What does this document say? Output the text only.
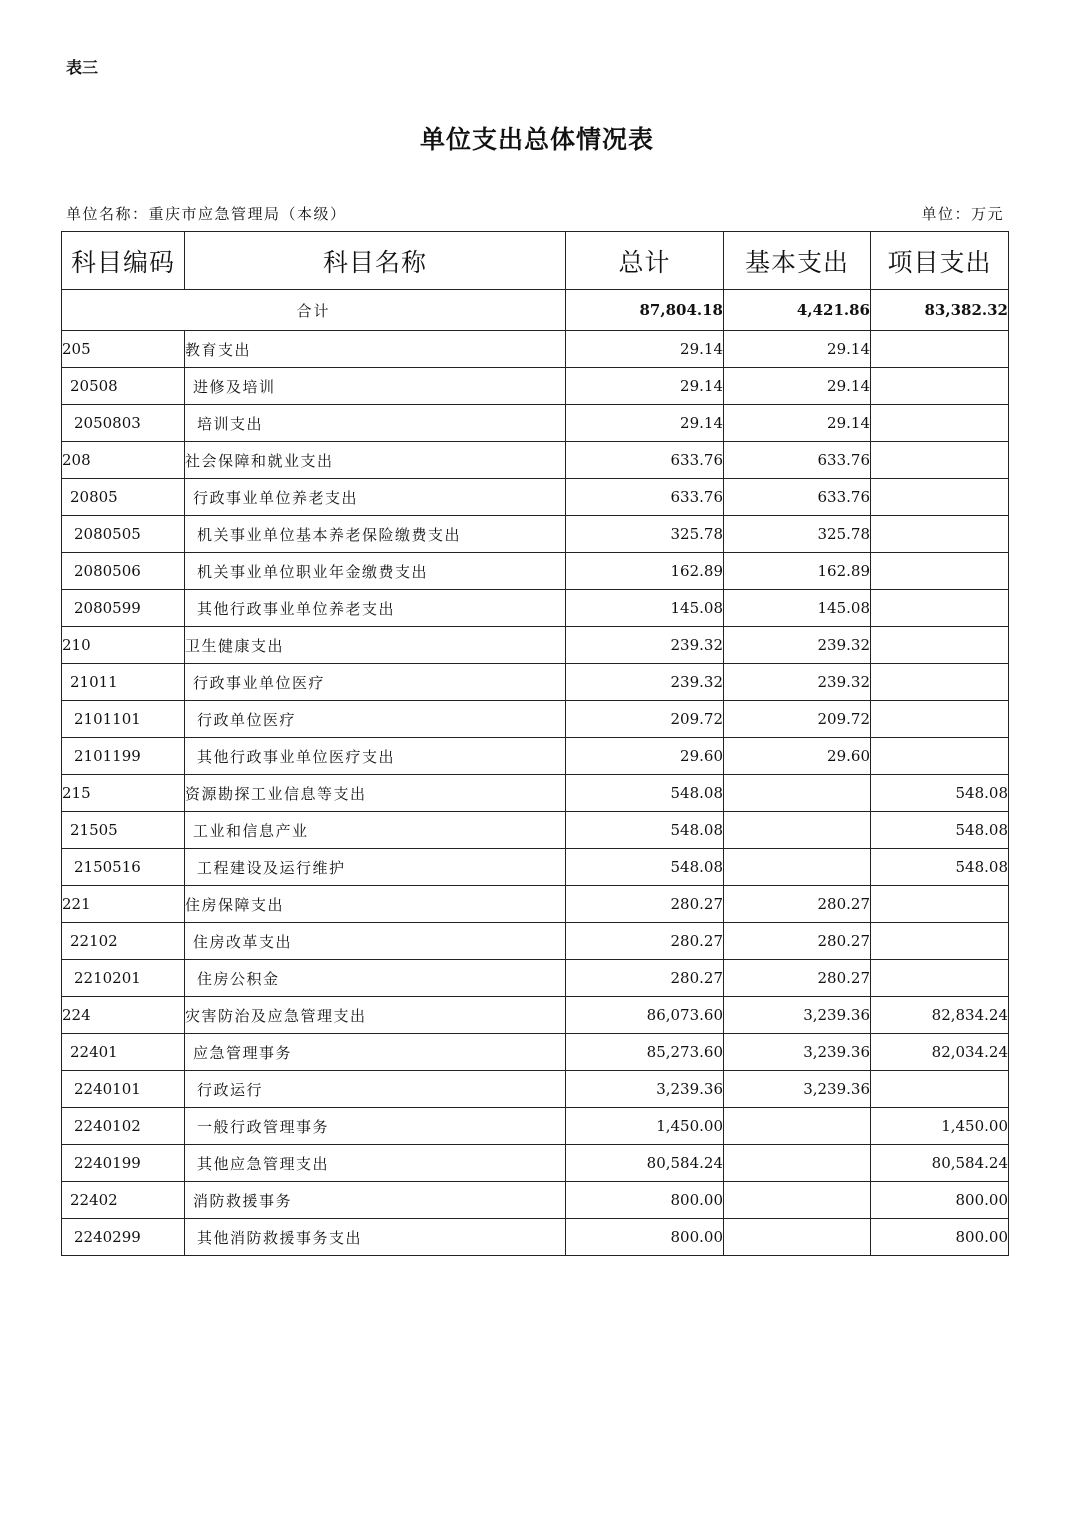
表三
单位支出总体情况表
单位名称：重庆市应急管理局（本级）	单位：万元
科目编码	科目名称	总计	基本支出	项目支出
合计		87,804.18	4,421.86	83,382.32
205	教育支出	29.14	29.14	
20508	进修及培训	29.14	29.14	
2050803	培训支出	29.14	29.14	
208	社会保障和就业支出	633.76	633.76	
20805	行政事业单位养老支出	633.76	633.76	
2080505	机关事业单位基本养老保险缴费支出	325.78	325.78	
2080506	机关事业单位职业年金缴费支出	162.89	162.89	
2080599	其他行政事业单位养老支出	145.08	145.08	
210	卫生健康支出	239.32	239.32	
21011	行政事业单位医疗	239.32	239.32	
2101101	行政单位医疗	209.72	209.72	
2101199	其他行政事业单位医疗支出	29.60	29.60	
215	资源勘探工业信息等支出	548.08		548.08
21505	工业和信息产业	548.08		548.08
2150516	工程建设及运行维护	548.08		548.08
221	住房保障支出	280.27	280.27	
22102	住房改革支出	280.27	280.27	
2210201	住房公积金	280.27	280.27	
224	灾害防治及应急管理支出	86,073.60	3,239.36	82,834.24
22401	应急管理事务	85,273.60	3,239.36	82,034.24
2240101	行政运行	3,239.36	3,239.36	
2240102	一般行政管理事务	1,450.00		1,450.00
2240199	其他应急管理支出	80,584.24		80,584.24
22402	消防救援事务	800.00		800.00
2240299	其他消防救援事务支出	800.00		800.00
